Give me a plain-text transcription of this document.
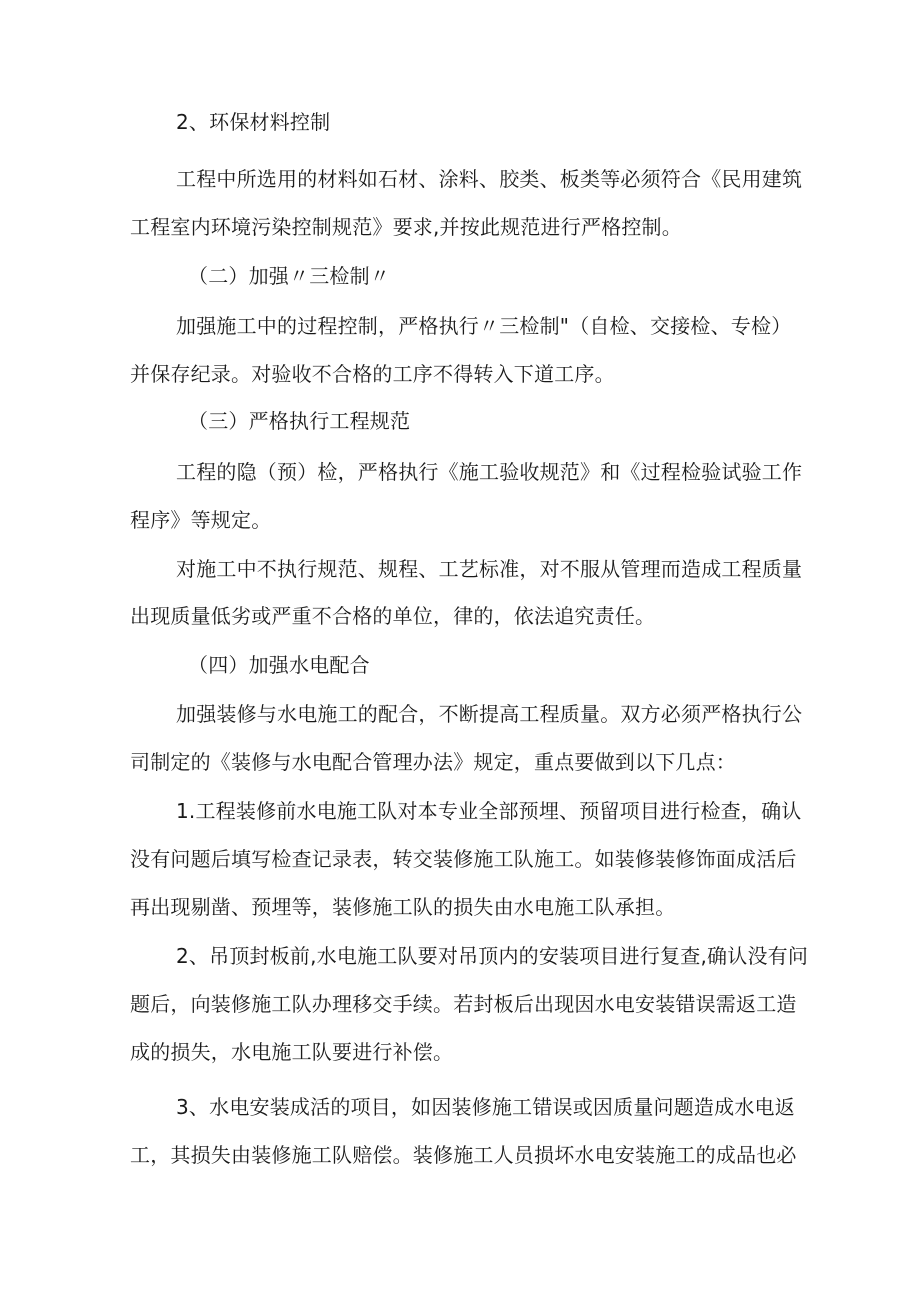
2、环保材料控制
工程中所选用的材料如石材、涂料、胶类、板类等必须符合《民用建筑
工程室内环境污染控制规范》要求,并按此规范进行严格控制。
（二）加强〃三检制〃
加强施工中的过程控制，严格执行〃三检制"（自检、交接检、专检）
并保存纪录。对验收不合格的工序不得转入下道工序。
（三）严格执行工程规范
工程的隐（预）检，严格执行《施工验收规范》和《过程检验试验工作
程序》等规定。
对施工中不执行规范、规程、工艺标准，对不服从管理而造成工程质量
出现质量低劣或严重不合格的单位，律的，依法追究责任。
（四）加强水电配合
加强装修与水电施工的配合，不断提高工程质量。双方必须严格执行公
司制定的《装修与水电配合管理办法》规定，重点要做到以下几点：
1.工程装修前水电施工队对本专业全部预埋、预留项目进行检查，确认
没有问题后填写检查记录表，转交装修施工队施工。如装修装修饰面成活后
再出现剔凿、预埋等，装修施工队的损失由水电施工队承担。
2、吊顶封板前,水电施工队要对吊顶内的安装项目进行复查,确认没有问
题后，向装修施工队办理移交手续。若封板后出现因水电安装错误需返工造
成的损失，水电施工队要进行补偿。
3、水电安装成活的项目，如因装修施工错误或因质量问题造成水电返
工，其损失由装修施工队赔偿。装修施工人员损坏水电安装施工的成品也必
